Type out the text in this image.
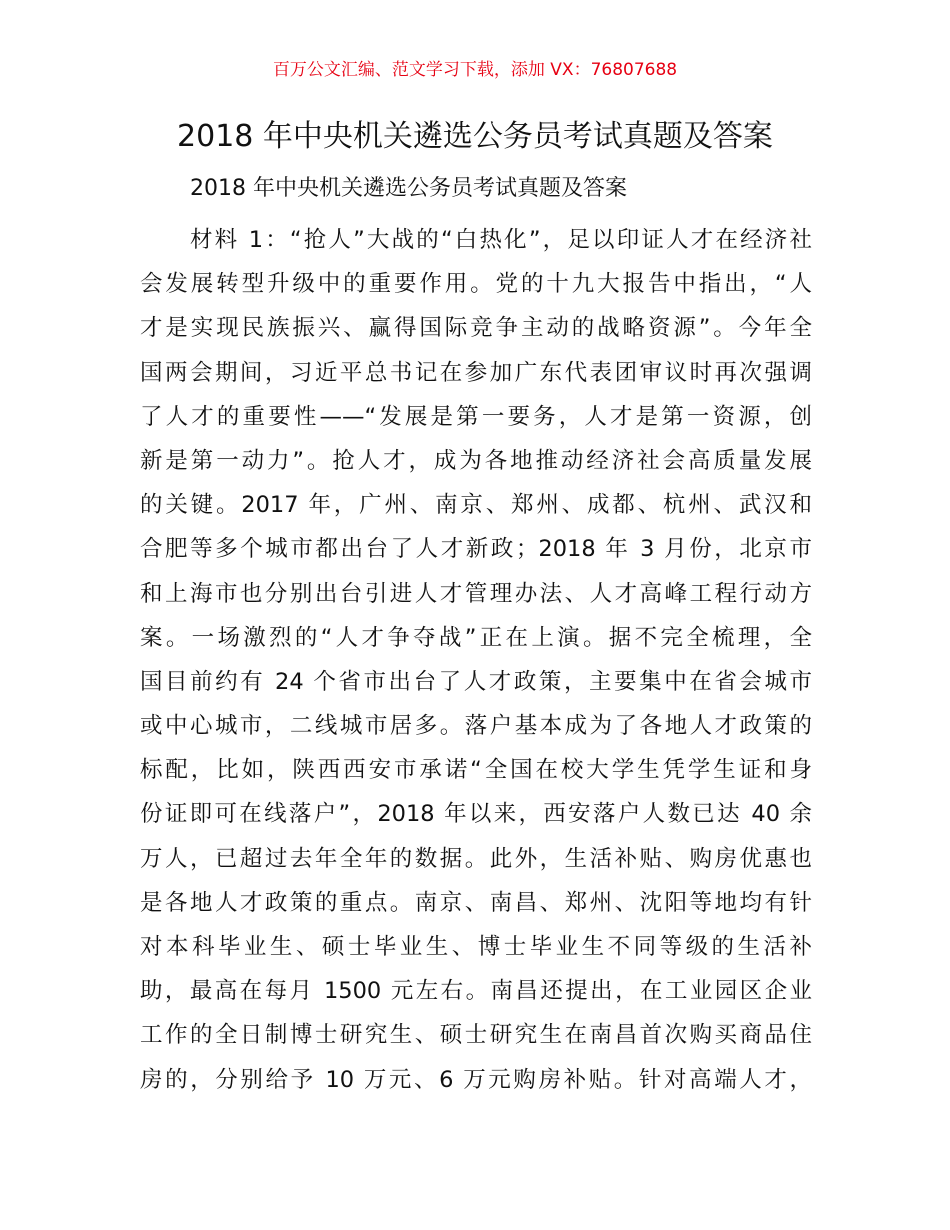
百万公文汇编、范文学习下载，添加 VX：76807688
2018 年中央机关遴选公务员考试真题及答案

2018 年中央机关遴选公务员考试真题及答案

材料 1：“抢人”大战的“白热化”，足以印证人才在经济社
会发展转型升级中的重要作用。党的十九大报告中指出，“人
才是实现民族振兴、赢得国际竞争主动的战略资源”。今年全
国两会期间，习近平总书记在参加广东代表团审议时再次强调
了人才的重要性——“发展是第一要务，人才是第一资源，创
新是第一动力”。抢人才，成为各地推动经济社会高质量发展
的关键。2017 年，广州、南京、郑州、成都、杭州、武汉和
合肥等多个城市都出台了人才新政；2018 年 3 月份，北京市
和上海市也分别出台引进人才管理办法、人才高峰工程行动方
案。一场激烈的“人才争夺战”正在上演。据不完全梳理，全
国目前约有 24 个省市出台了人才政策，主要集中在省会城市
或中心城市，二线城市居多。落户基本成为了各地人才政策的
标配，比如，陕西西安市承诺“全国在校大学生凭学生证和身
份证即可在线落户”，2018 年以来，西安落户人数已达 40 余
万人，已超过去年全年的数据。此外，生活补贴、购房优惠也
是各地人才政策的重点。南京、南昌、郑州、沈阳等地均有针
对本科毕业生、硕士毕业生、博士毕业生不同等级的生活补
助，最高在每月 1500 元左右。南昌还提出，在工业园区企业
工作的全日制博士研究生、硕士研究生在南昌首次购买商品住
房的，分别给予 10 万元、6 万元购房补贴。针对高端人才，
